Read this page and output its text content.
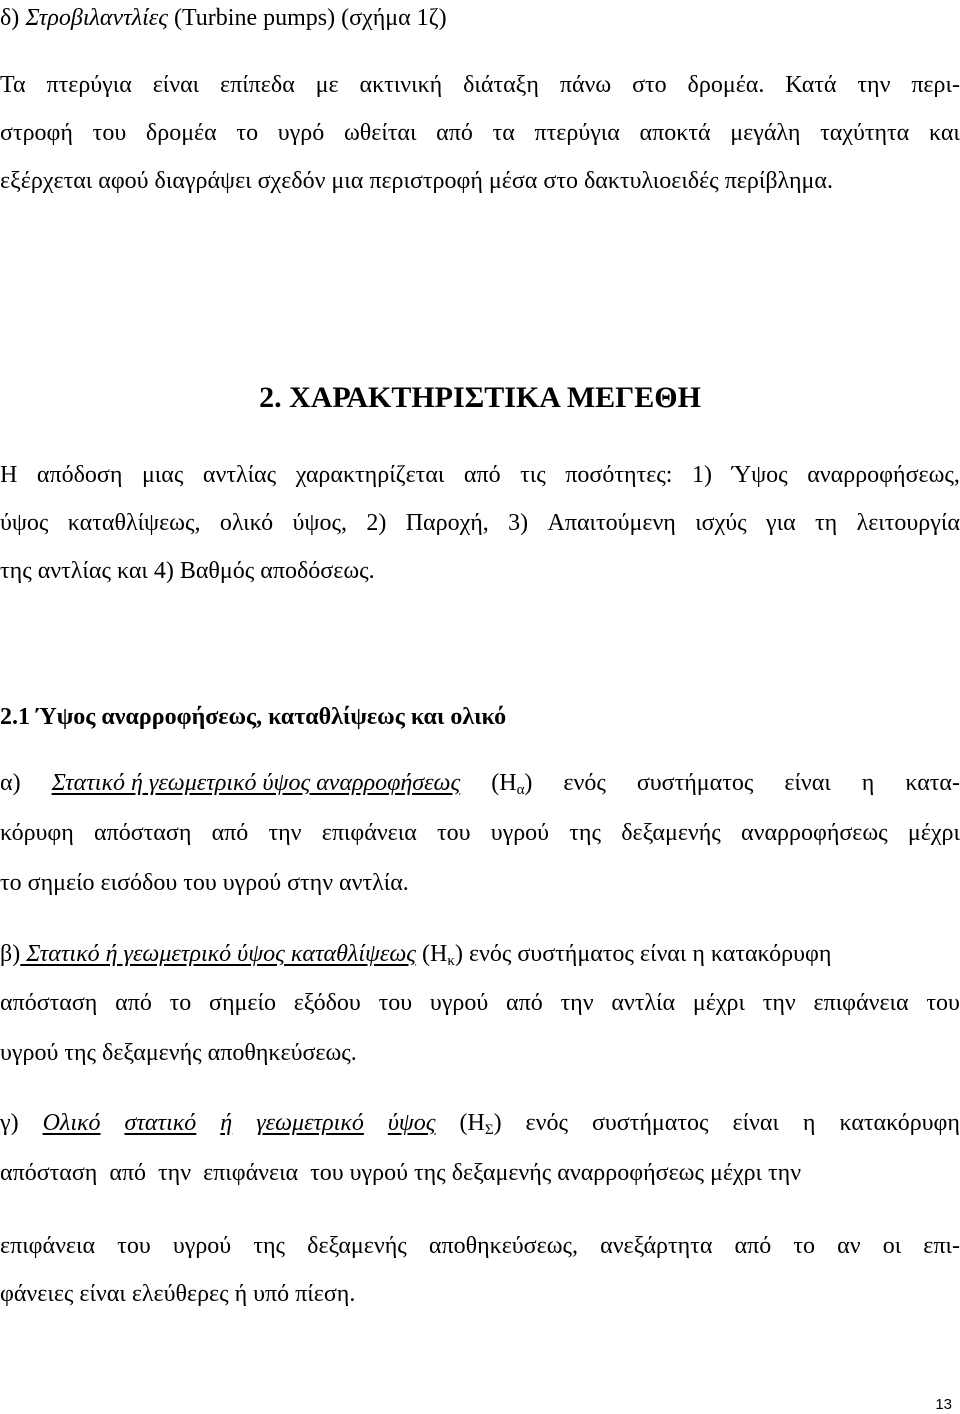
δ) Στροβιλαντλίες (Turbine pumps) (σχήμα 1ζ)

Τα πτερύγια είναι επίπεδα με ακτινική διάταξη πάνω στο δρομέα. Κατά την περι-

στροφή του δρομέα το υγρό ωθείται από τα πτερύγια αποκτά μεγάλη ταχύτητα και

εξέρχεται αφού διαγράψει σχεδόν μια περιστροφή μέσα στο δακτυλιοειδές περίβλημα.

2. ΧΑΡΑΚΤΗΡΙΣΤΙΚΑ ΜΕΓΕΘΗ

Η απόδοση μιας αντλίας χαρακτηρίζεται από τις ποσότητες: 1) Ύψος αναρροφήσεως,

ύψος καταθλίψεως, ολικό ύψος, 2) Παροχή, 3) Απαιτούμενη ισχύς για τη λειτουργία

της αντλίας και 4) Βαθμός αποδόσεως.

2.1 Ύψος αναρροφήσεως, καταθλίψεως και ολικό

α) Στατικό ή γεωμετρικό ύψος αναρροφήσεως $(H_\alpha)$ ενός συστήματος είναι η κατα-

κόρυφη απόσταση από την επιφάνεια του υγρού της δεξαμενής αναρροφήσεως μέχρι

το σημείο εισόδου του υγρού στην αντλία.

β) Στατικό ή γεωμετρικό ύψος καταθλίψεως $(H_\kappa)$ ενός συστήματος είναι η κατακόρυφη

απόσταση από το σημείο εξόδου του υγρού από την αντλία μέχρι την επιφάνεια του

υγρού της δεξαμενής αποθηκεύσεως.

γ) Ολικό στατικό ή γεωμετρικό ύψος $(H_\Sigma)$ ενός συστήματος είναι η κατακόρυφη

απόσταση  από  την  επιφάνεια  του υγρού της δεξαμενής αναρροφήσεως μέχρι την

επιφάνεια του υγρού της δεξαμενής αποθηκεύσεως, ανεξάρτητα από το αν οι επι-

φάνειες είναι ελεύθερες ή υπό πίεση.

13
